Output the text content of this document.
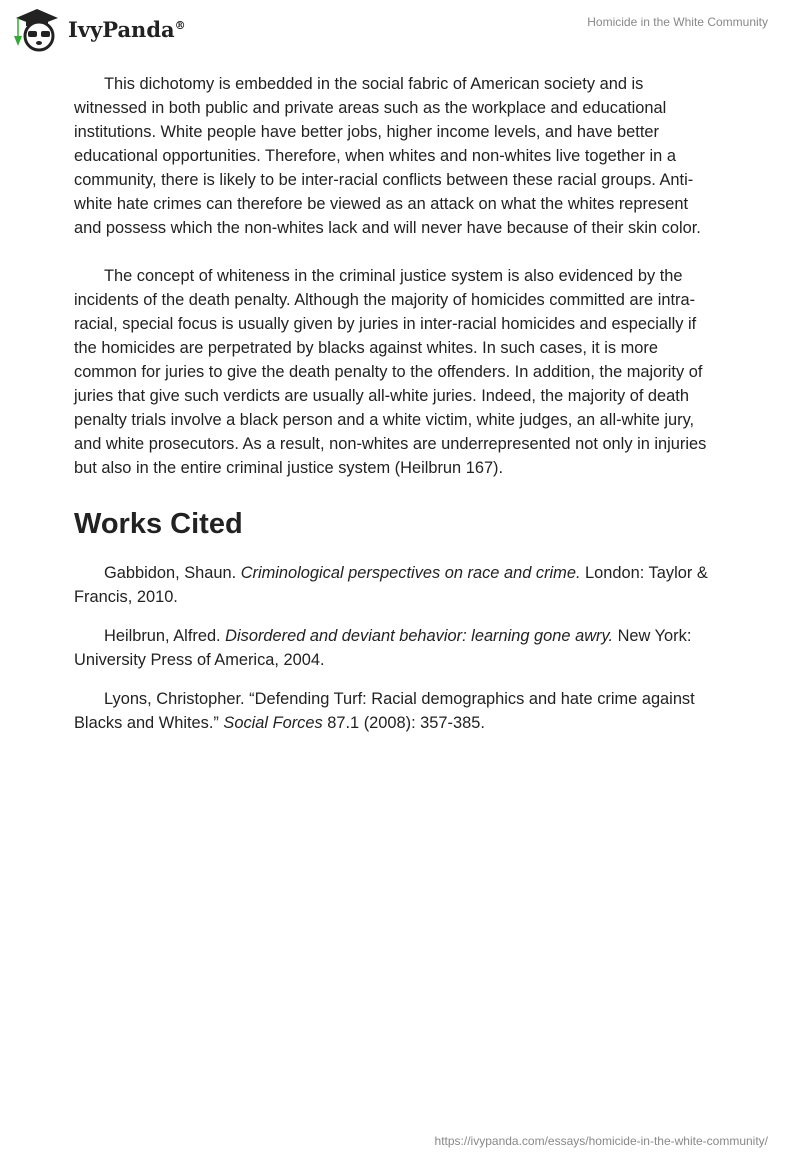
IvyPanda®	Homicide in the White Community

This dichotomy is embedded in the social fabric of American society and is
witnessed in both public and private areas such as the workplace and educational
institutions. White people have better jobs, higher income levels, and have better
educational opportunities. Therefore, when whites and non-whites live together in a
community, there is likely to be inter-racial conflicts between these racial groups. Anti-
white hate crimes can therefore be viewed as an attack on what the whites represent
and possess which the non-whites lack and will never have because of their skin color.

The concept of whiteness in the criminal justice system is also evidenced by the
incidents of the death penalty. Although the majority of homicides committed are intra-
racial, special focus is usually given by juries in inter-racial homicides and especially if
the homicides are perpetrated by blacks against whites. In such cases, it is more
common for juries to give the death penalty to the offenders. In addition, the majority of
juries that give such verdicts are usually all-white juries. Indeed, the majority of death
penalty trials involve a black person and a white victim, white judges, an all-white jury,
and white prosecutors. As a result, non-whites are underrepresented not only in injuries
but also in the entire criminal justice system (Heilbrun 167).

Works Cited

Gabbidon, Shaun. Criminological perspectives on race and crime. London: Taylor &
Francis, 2010.

Heilbrun, Alfred. Disordered and deviant behavior: learning gone awry. New York:
University Press of America, 2004.

Lyons, Christopher. “Defending Turf: Racial demographics and hate crime against
Blacks and Whites.” Social Forces 87.1 (2008): 357-385.

https://ivypanda.com/essays/homicide-in-the-white-community/
